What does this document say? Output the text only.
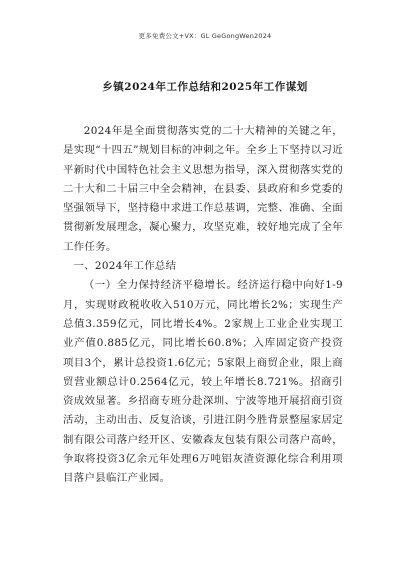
更多免费公文+VX：GL GeGongWen2024
乡镇2024年工作总结和2025年工作谋划

2024年是全面贯彻落实党的二十大精神的关键之年，是实现“十四五”规划目标的冲刺之年。全乡上下坚持以习近平新时代中国特色社会主义思想为指导，深入贯彻落实党的二十大和二十届三中全会精神，在县委、县政府和乡党委的坚强领导下，坚持稳中求进工作总基调，完整、准确、全面贯彻新发展理念，凝心聚力，攻坚克难，较好地完成了全年工作任务。

一、2024年工作总结

（一）全力保持经济平稳增长。经济运行稳中向好1-9月，实现财政税收收入510万元，同比增长2%；实现生产总值3.359亿元，同比增长4%。2家规上工业企业实现工业产值0.885亿元，同比增长60.8%；入库固定资产投资项目3个，累计总投资1.6亿元；5家限上商贸企业，限上商贸营业额总计0.2564亿元，较上年增长8.721%。招商引资成效显著。乡招商专班分赴深圳、宁波等地开展招商引资活动，主动出击、反复洽谈，引进江阴今胜背景整屋家居定制有限公司落户经开区、安徽森友包装有限公司落户高岭，争取将投资3亿余元年处理6万吨铝灰渣资源化综合利用项目落户县临江产业园。
